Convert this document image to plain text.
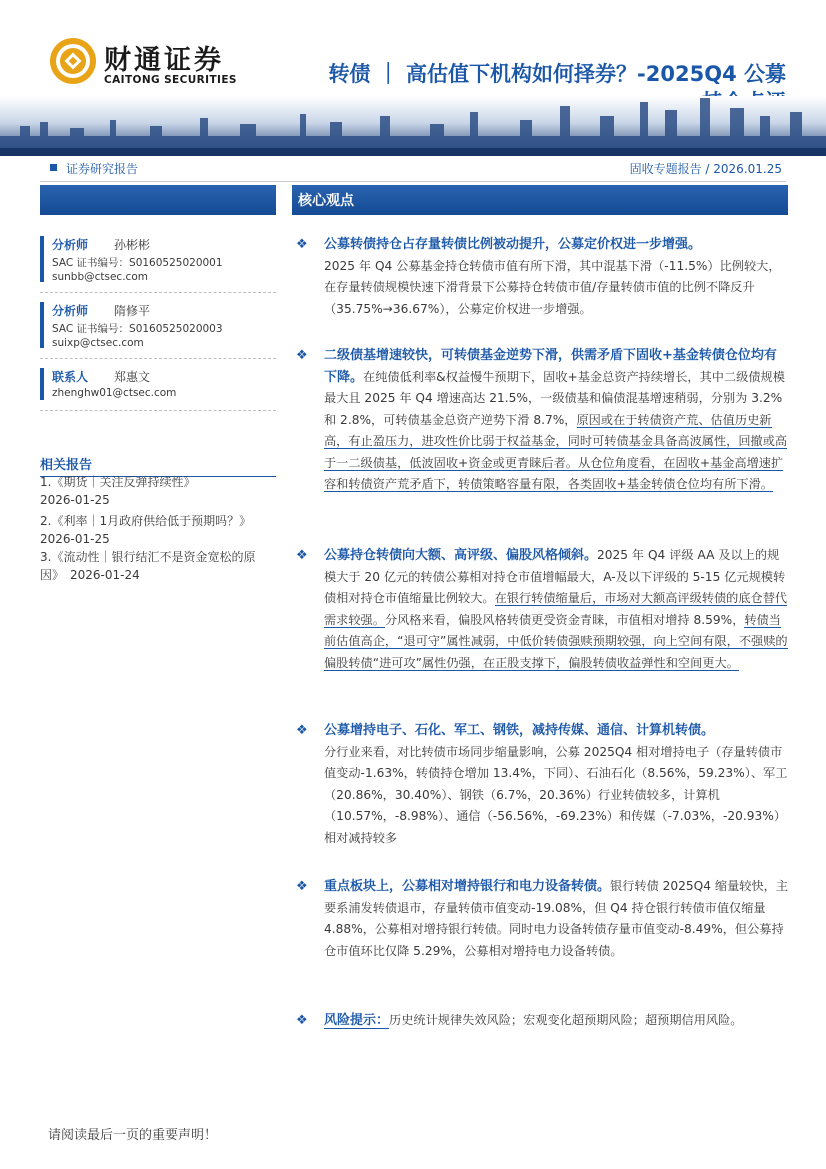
财通证券
CAITONG SECURITIES	转债 ｜ 高估值下机构如何择券？-2025Q4 公募
证券研究报告	固收专题报告 / 2026.01.25
分析师 孙彬彬
SAC 证书编号：S0160525020001
sunbb@ctsec.com
分析师 隋修平
SAC 证书编号：S0160525020003
suixp@ctsec.com
联系人 郑惠文
zhenghw01@ctsec.com
相关报告
1.《期货｜关注反弹持续性》
2026-01-25
2.《利率｜1月政府供给低于预期吗？》
2026-01-25
3.《流动性｜银行结汇不是资金宽松的原
因》　2026-01-24
核心观点
❖ 公募转债持仓占存量转债比例被动提升，公募定价权进一步增强。
2025 年 Q4 公募基金持仓转债市值有所下滑，其中混基下滑（-11.5%）比例较大，在存量转债规模快速下滑背景下公募持仓转债市值/存量转债市值的比例不降反升（35.75%→36.67%），公募定价权进一步增强。
❖ 二级债基增速较快，可转债基金逆势下滑，供需矛盾下固收+基金转债仓位均有下降。在纯债低利率&权益慢牛预期下，固收+基金总资产持续增长，其中二级债规模最大且 2025 年 Q4 增速高达 21.5%，一级债基和偏债混基增速稍弱，分别为 3.2%和 2.8%，可转债基金总资产逆势下滑 8.7%，原因或在于转债资产荒、估值历史新高，有止盈压力，进攻性价比弱于权益基金，同时可转债基金具备高波属性，回撤或高于一二级债基，低波固收+资金或更青睐后者。从仓位角度看，在固收+基金高增速扩容和转债资产荒矛盾下，转债策略容量有限，各类固收+基金转债仓位均有所下滑。
❖ 公募持仓转债向大额、高评级、偏股风格倾斜。2025 年 Q4 评级 AA 及以上的规模大于 20 亿元的转债公募相对持仓市值增幅最大，A-及以下评级的 5-15 亿元规模转债相对持仓市值缩量比例较大。在银行转债缩量后，市场对大额高评级转债的底仓替代需求较强。分风格来看，偏股风格转债更受资金青睐，市值相对增持 8.59%，转债当前估值高企，“退可守”属性减弱，中低价转债强赎预期较强，向上空间有限，不强赎的偏股转债“进可攻”属性仍强，在正股支撑下，偏股转债收益弹性和空间更大。
❖ 公募增持电子、石化、军工、钢铁，减持传媒、通信、计算机转债。
分行业来看，对比转债市场同步缩量影响，公募 2025Q4 相对增持电子（存量转债市值变动-1.63%，转债持仓增加 13.4%，下同）、石油石化（8.56%，59.23%）、军工（20.86%，30.40%）、钢铁（6.7%，20.36%）行业转债较多，计算机（10.57%，-8.98%）、通信（-56.56%，-69.23%）和传媒（-7.03%，-20.93%）相对减持较多
❖ 重点板块上，公募相对增持银行和电力设备转债。银行转债 2025Q4 缩量较快，主要系浦发转债退市，存量转债市值变动-19.08%，但 Q4 持仓银行转债市值仅缩量 4.88%，公募相对增持银行转债。同时电力设备转债存量市值变动-8.49%，但公募持仓市值环比仅降 5.29%，公募相对增持电力设备转债。
❖ 风险提示：历史统计规律失效风险；宏观变化超预期风险；超预期信用风险。
请阅读最后一页的重要声明！
